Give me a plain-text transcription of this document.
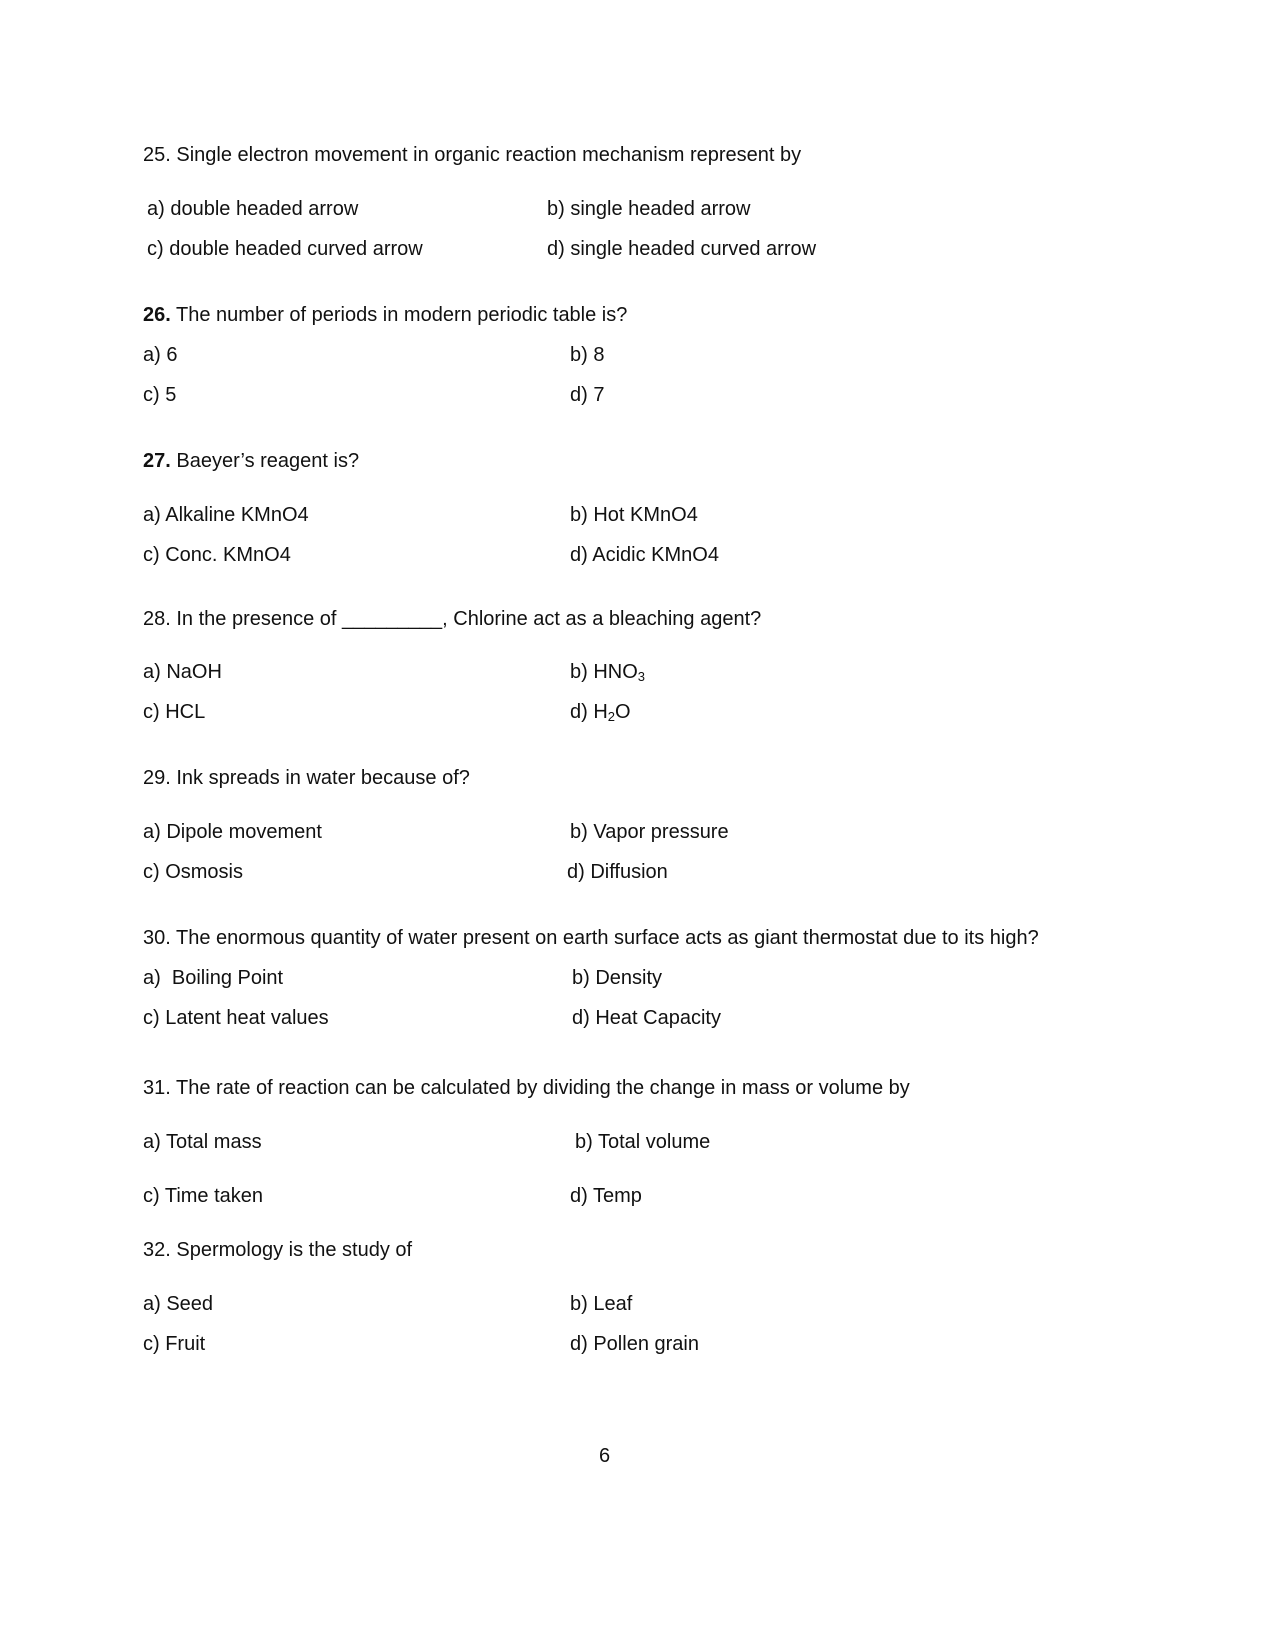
25. Single electron movement in organic reaction mechanism represent by
a) double headed arrow	b) single headed arrow
c) double headed curved arrow	d) single headed curved arrow
26. The number of periods in modern periodic table is?
a) 6	b) 8
c) 5	d) 7
27. Baeyer’s reagent is?
a) Alkaline KMnO4	b) Hot KMnO4
c) Conc. KMnO4	d) Acidic KMnO4
28. In the presence of _________, Chlorine act as a bleaching agent?
a) NaOH	b) $HNO_3$
c) HCL	d) $H_2O$
29. Ink spreads in water because of?
a) Dipole movement	b) Vapor pressure
c) Osmosis	d) Diffusion
30. The enormous quantity of water present on earth surface acts as giant thermostat due to its high?
a)  Boiling Point	b) Density
c) Latent heat values	d) Heat Capacity
31. The rate of reaction can be calculated by dividing the change in mass or volume by
a) Total mass	b) Total volume
c) Time taken	d) Temp
32. Spermology is the study of
a) Seed	b) Leaf
c) Fruit	d) Pollen grain
6
